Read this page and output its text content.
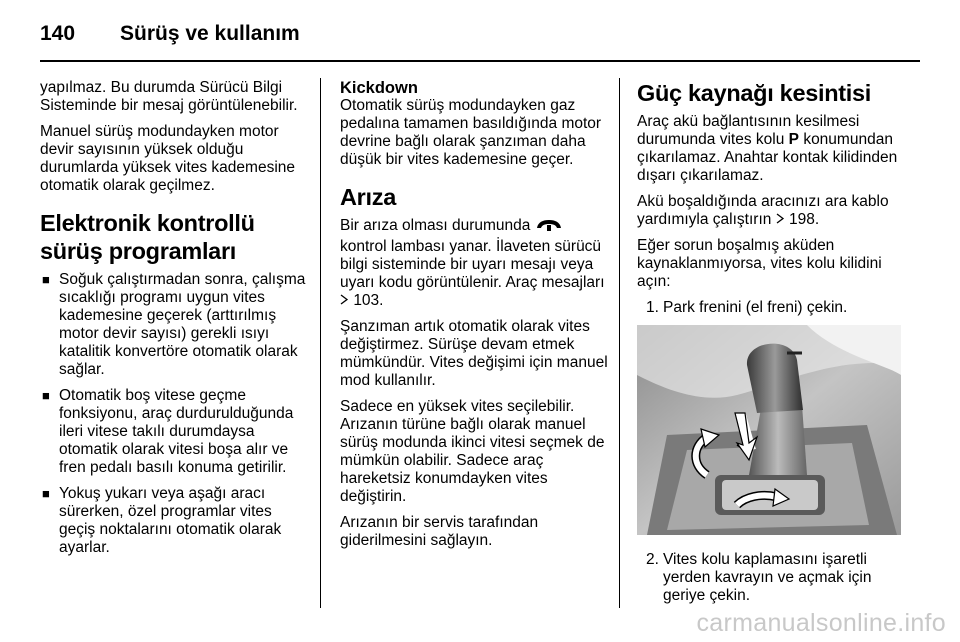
140 Sürüş ve kullanım

yapılmaz. Bu durumda Sürücü Bilgi Sisteminde bir mesaj görüntülenebilir.

Manuel sürüş modundayken motor devir sayısının yüksek olduğu durumlarda yüksek vites kademesine otomatik olarak geçilmez.

Elektronik kontrollü sürüş programları
■ Soğuk çalıştırmadan sonra, çalışma sıcaklığı programı uygun vites kademesine geçerek (arttırılmış motor devir sayısı) gerekli ısıyı katalitik konvertöre otomatik olarak sağlar.
■ Otomatik boş vitese geçme fonksiyonu, araç durdurulduğunda ileri vitese takılı durumdaysa otomatik olarak vitesi boşa alır ve fren pedalı basılı konuma getirilir.
■ Yokuş yukarı veya aşağı aracı sürerken, özel programlar vites geçiş noktalarını otomatik olarak ayarlar.
Kickdown

Otomatik sürüş modundayken gaz pedalına tamamen basıldığında motor devrine bağlı olarak şanzıman daha düşük bir vites kademesine geçer.

Arıza

Bir arıza olması durumunda  kontrol lambası yanar. İlaveten sürücü bilgi sisteminde bir uyarı mesajı veya uyarı kodu görüntülenir. Araç mesajları  103.

Şanzıman artık otomatik olarak vites değiştirmez. Sürüşe devam etmek mümkündür. Vites değişimi için manuel mod kullanılır.

Sadece en yüksek vites seçilebilir. Arızanın türüne bağlı olarak manuel sürüş modunda ikinci vitesi seçmek de mümkün olabilir. Sadece araç hareketsiz konumdayken vites değiştirin.

Arızanın bir servis tarafından giderilmesini sağlayın.

Güç kaynağı kesintisi

Araç akü bağlantısının kesilmesi durumunda vites kolu P konumundan çıkarılamaz. Anahtar kontak kilidinden dışarı çıkarılamaz.

Akü boşaldığında aracınızı ara kablo yardımıyla çalıştırın 198.

Eğer sorun boşalmış aküden kaynaklanmıyorsa, vites kolu kilidini açın:

1. Park frenini (el freni) çekin.
2. Vites kolu kaplamasını işaretli yerden kavrayın ve açmak için geriye çekin.
carmanualsonline.info
